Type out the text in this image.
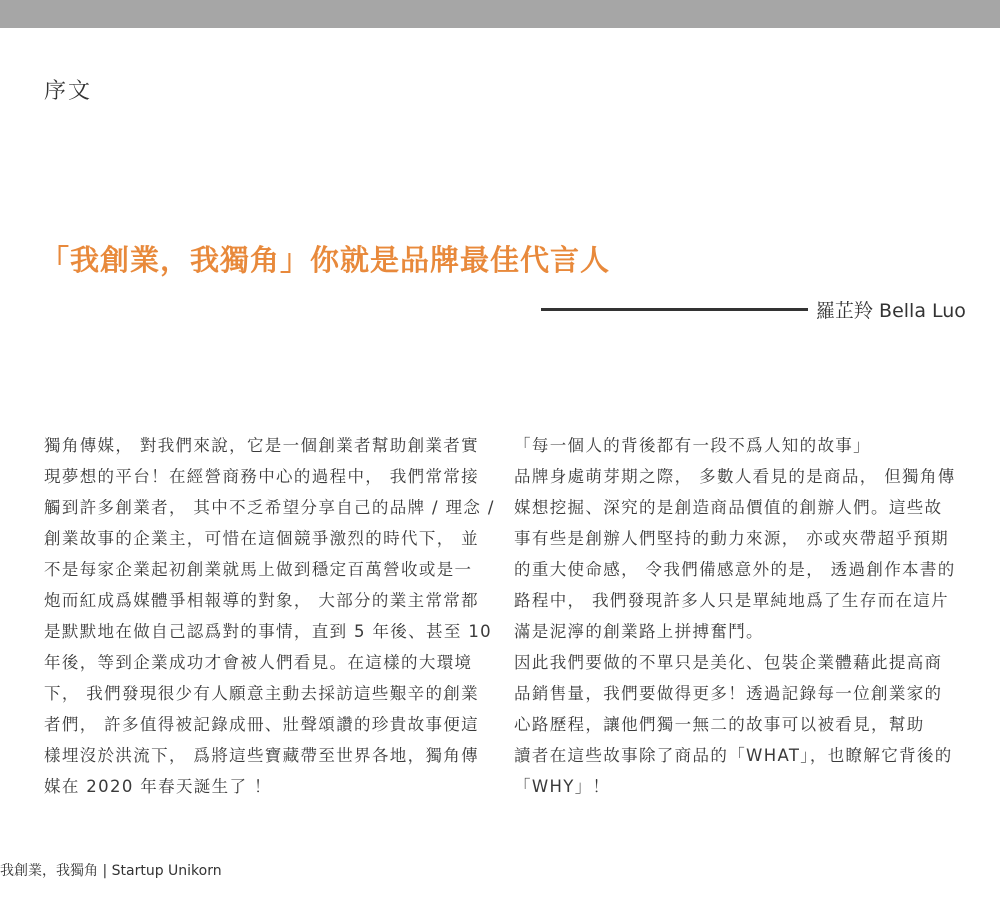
序文
「我創業，我獨角」你就是品牌最佳代言人
羅芷羚 Bella Luo
獨角傳媒， 對我們來說，它是一個創業者幫助創業者實
現夢想的平台！在經營商務中心的過程中， 我們常常接
觸到許多創業者， 其中不乏希望分享自己的品牌 / 理念 /
創業故事的企業主，可惜在這個競爭激烈的時代下， 並
不是每家企業起初創業就馬上做到穩定百萬營收或是一
炮而紅成爲媒體爭相報導的對象， 大部分的業主常常都
是默默地在做自己認爲對的事情，直到 5 年後、甚至 10
年後，等到企業成功才會被人們看見。在這樣的大環境
下， 我們發現很少有人願意主動去採訪這些艱辛的創業
者們， 許多值得被記錄成冊、壯聲頌讚的珍貴故事便這
樣埋沒於洪流下， 爲將這些寶藏帶至世界各地，獨角傳
媒在 2020 年春天誕生了 ！
「每一個人的背後都有一段不爲人知的故事」
品牌身處萌芽期之際， 多數人看見的是商品， 但獨角傳
媒想挖掘、深究的是創造商品價值的創辦人們。這些故
事有些是創辦人們堅持的動力來源， 亦或夾帶超乎預期
的重大使命感， 令我們備感意外的是， 透過創作本書的
路程中， 我們發現許多人只是單純地爲了生存而在這片
滿是泥濘的創業路上拼搏奮鬥。
因此我們要做的不單只是美化、包裝企業體藉此提高商
品銷售量，我們要做得更多！透過記錄每一位創業家的
心路歷程，讓他們獨一無二的故事可以被看見，幫助
讀者在這些故事除了商品的「WHAT」，也瞭解它背後的
「WHY」！
我創業，我獨角 | Startup Unikorn
